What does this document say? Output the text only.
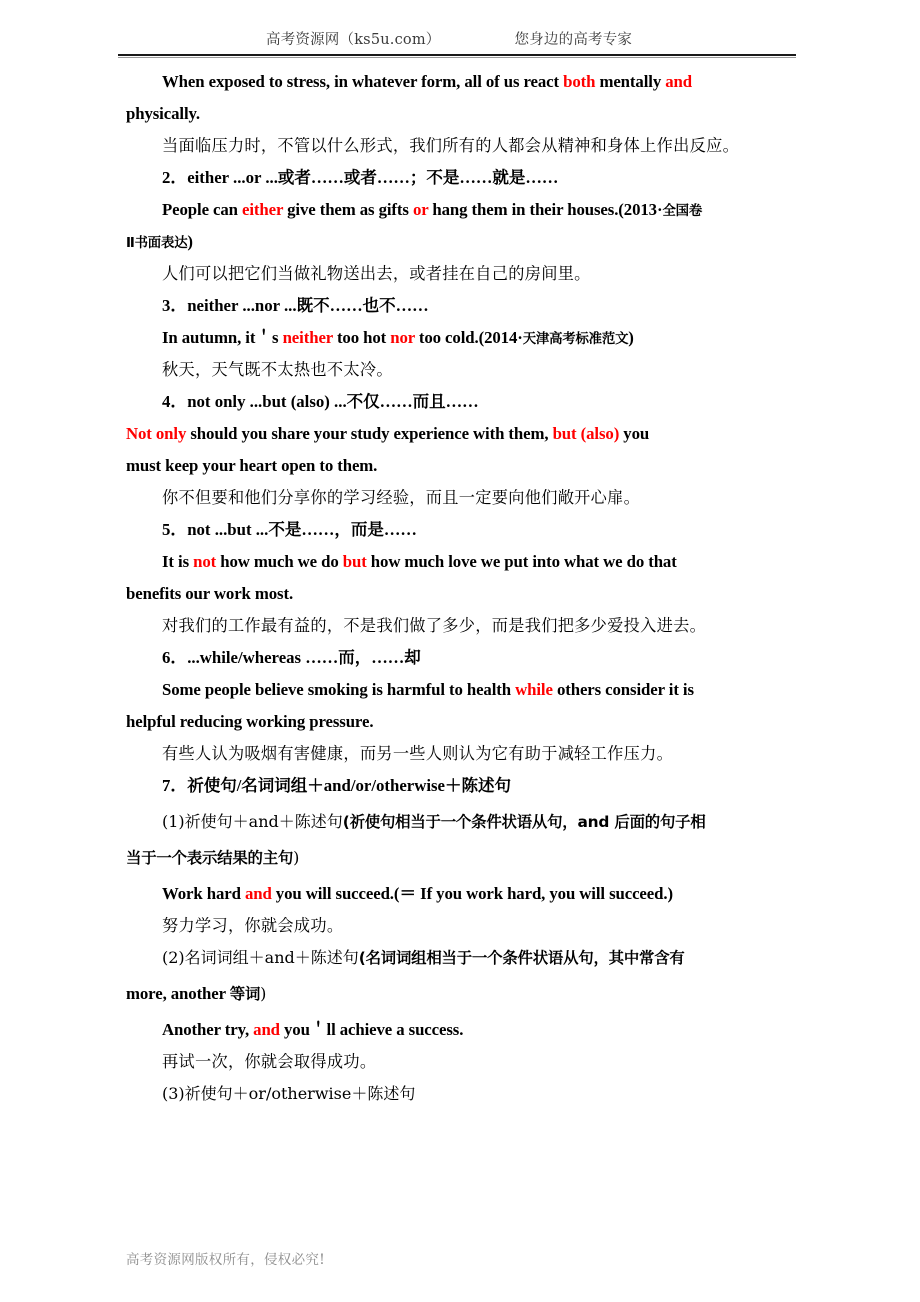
高考资源网（ks5u.com）	您身边的高考专家
When exposed to stress, in whatever form, all of us react both mentally and
physically.
当面临压力时，不管以什么形式，我们所有的人都会从精神和身体上作出反应。
2．either ...or ...或者……或者……；不是……就是……
People can either give them as gifts or hang them in their houses.(2013·全国卷
Ⅱ书面表达)
人们可以把它们当做礼物送出去，或者挂在自己的房间里。
3．neither ...nor ...既不……也不……
In autumn, it＇s neither too hot nor too cold.(2014·天津高考标准范文)
秋天，天气既不太热也不太冷。
4．not only ...but (also) ...不仅……而且……
Not only should you share your study experience with them, but (also) you
must keep your heart open to them.
你不但要和他们分享你的学习经验，而且一定要向他们敞开心扉。
5．not ...but ...不是……，而是……
It is not how much we do but how much love we put into what we do that
benefits our work most.
对我们的工作最有益的，不是我们做了多少，而是我们把多少爱投入进去。
6．...while/whereas ……而，……却
Some people believe smoking is harmful to health while others consider it is
helpful reducing working pressure.
有些人认为吸烟有害健康，而另一些人则认为它有助于减轻工作压力。
7．祈使句/名词词组＋and/or/otherwise＋陈述句
(1)祈使句＋and＋陈述句(祈使句相当于一个条件状语从句，and 后面的句子相
当于一个表示结果的主句)
Work hard and you will succeed.(＝ If you work hard, you will succeed.)
努力学习，你就会成功。
(2)名词词组＋and＋陈述句(名词词组相当于一个条件状语从句，其中常含有
more, another 等词)
Another try, and you＇ll achieve a success.
再试一次，你就会取得成功。
(3)祈使句＋or/otherwise＋陈述句
高考资源网版权所有，侵权必究!
